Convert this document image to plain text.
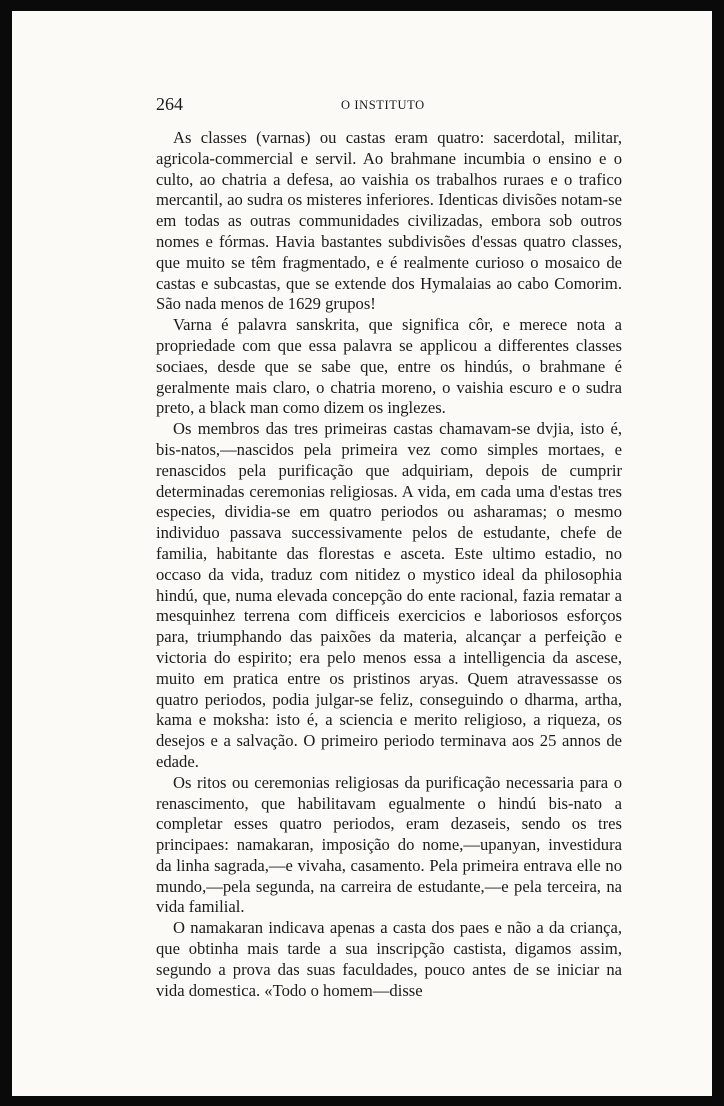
264	O INSTITUTO

As classes (varnas) ou castas eram quatro: sacerdotal, militar, agricola-commercial e servil. Ao brahmane incumbia o ensino e o culto, ao chatria a defesa, ao vaishia os trabalhos ruraes e o trafico mercantil, ao sudra os misteres inferiores. Identicas divisões notam-se em todas as outras communidades civilizadas, embora sob outros nomes e fórmas. Havia bastantes subdivisões d'essas quatro classes, que muito se têm fragmentado, e é realmente curioso o mosaico de castas e subcastas, que se extende dos Hymalaias ao cabo Comorim. São nada menos de 1629 grupos!

Varna é palavra sanskrita, que significa côr, e merece nota a propriedade com que essa palavra se applicou a differentes classes sociaes, desde que se sabe que, entre os hindús, o brahmane é geralmente mais claro, o chatria moreno, o vaishia escuro e o sudra preto, a black man como dizem os inglezes.

Os membros das tres primeiras castas chamavam-se dvjia, isto é, bis-natos,—nascidos pela primeira vez como simples mortaes, e renascidos pela purificação que adquiriam, depois de cumprir determinadas ceremonias religiosas. A vida, em cada uma d'estas tres especies, dividia-se em quatro periodos ou asharamas; o mesmo individuo passava successivamente pelos de estudante, chefe de familia, habitante das florestas e asceta. Este ultimo estadio, no occaso da vida, traduz com nitidez o mystico ideal da philosophia hindú, que, numa elevada concepção do ente racional, fazia rematar a mesquinhez terrena com difficeis exercicios e laboriosos esforços para, triumphando das paixões da materia, alcançar a perfeição e victoria do espirito; era pelo menos essa a intelligencia da ascese, muito em pratica entre os pristinos aryas. Quem atravessasse os quatro periodos, podia julgar-se feliz, conseguindo o dharma, artha, kama e moksha: isto é, a sciencia e merito religioso, a riqueza, os desejos e a salvação. O primeiro periodo terminava aos 25 annos de edade.

Os ritos ou ceremonias religiosas da purificação necessaria para o renascimento, que habilitavam egualmente o hindú bis-nato a completar esses quatro periodos, eram dezaseis, sendo os tres principaes: namakaran, imposição do nome,—upanyan, investidura da linha sagrada,—e vivaha, casamento. Pela primeira entrava elle no mundo,—pela segunda, na carreira de estudante,—e pela terceira, na vida familial.

O namakaran indicava apenas a casta dos paes e não a da criança, que obtinha mais tarde a sua inscripção castista, digamos assim, segundo a prova das suas faculdades, pouco antes de se iniciar na vida domestica. «Todo o homem—disse
